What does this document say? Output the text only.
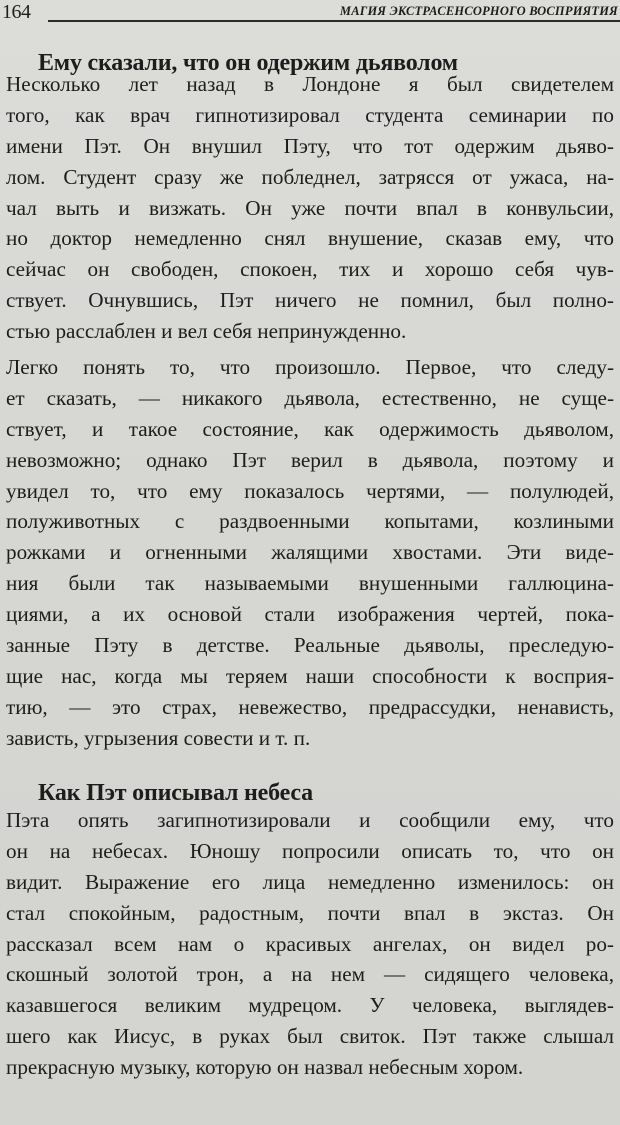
164	МАГИЯ ЭКСТРАСЕНСОРНОГО ВОСПРИЯТИЯ
Ему сказали, что он одержим дьяволом
Несколько лет назад в Лондоне я был свидетелем
того, как врач гипнотизировал студента семинарии по
имени Пэт. Он внушил Пэту, что тот одержим дьяво-
лом. Студент сразу же побледнел, затрясся от ужаса, на-
чал выть и визжать. Он уже почти впал в конвульсии,
но доктор немедленно снял внушение, сказав ему, что
сейчас он свободен, спокоен, тих и хорошо себя чув-
ствует. Очнувшись, Пэт ничего не помнил, был полно-
стью расслаблен и вел себя непринужденно.
Легко понять то, что произошло. Первое, что следу-
ет сказать, — никакого дьявола, естественно, не суще-
ствует, и такое состояние, как одержимость дьяволом,
невозможно; однако Пэт верил в дьявола, поэтому и
увидел то, что ему показалось чертями, — полулюдей,
полуживотных с раздвоенными копытами, козлиными
рожками и огненными жалящими хвостами. Эти виде-
ния были так называемыми внушенными галлюцина-
циями, а их основой стали изображения чертей, пока-
занные Пэту в детстве. Реальные дьяволы, преследую-
щие нас, когда мы теряем наши способности к восприя-
тию, — это страх, невежество, предрассудки, ненависть,
зависть, угрызения совести и т. п.
Как Пэт описывал небеса
Пэта опять загипнотизировали и сообщили ему, что
он на небесах. Юношу попросили описать то, что он
видит. Выражение его лица немедленно изменилось: он
стал спокойным, радостным, почти впал в экстаз. Он
рассказал всем нам о красивых ангелах, он видел ро-
скошный золотой трон, а на нем — сидящего человека,
казавшегося великим мудрецом. У человека, выглядев-
шего как Иисус, в руках был свиток. Пэт также слышал
прекрасную музыку, которую он назвал небесным хором.
